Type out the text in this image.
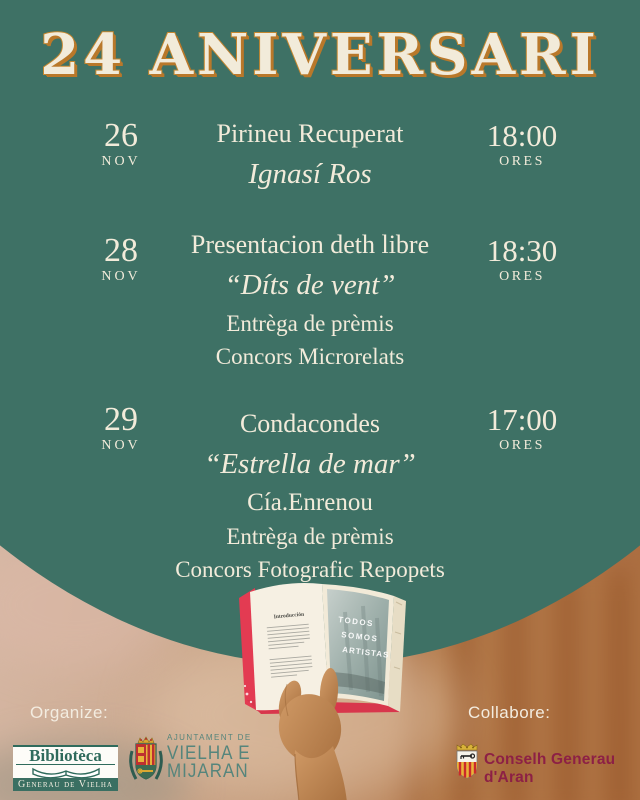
24 ANIVERSARI
26
NOV
Pirineu Recuperat
Ignasí Ros
18:00
ORES
28
NOV
Presentacion deth libre
“Díts de vent”
Entrèga de prèmis
Concors Microrelats
18:30
ORES
29
NOV
Condacondes
“Estrella de mar”
Cía.Enrenou
Entrèga de prèmis
Concors Fotografic Repopets
17:00
ORES
TODOS
SOMOS
ARTISTAS
Introducción
Organize:	Collabore:
Bibliotèca
Generau de Vielha
AJUNTAMENT DE
VIELHA E
MIJARAN
Conselh Generau d'Aran
